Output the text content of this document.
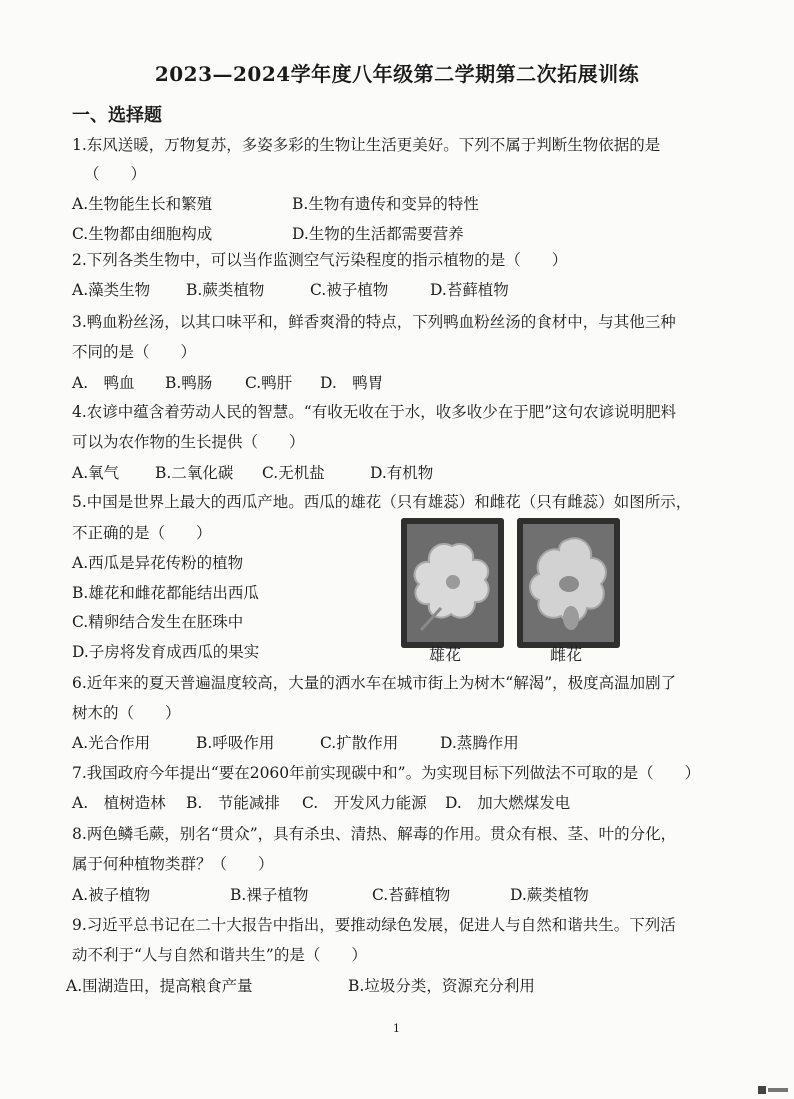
2023—2024学年度八年级第二学期第二次拓展训练
一、选择题
1.东风送暖，万物复苏，多姿多彩的生物让生活更美好。下列不属于判断生物依据的是
（　　）
A.生物能生长和繁殖	B.生物有遗传和变异的特性
C.生物都由细胞构成	D.生物的生活都需要营养
2.下列各类生物中，可以当作监测空气污染程度的指示植物的是（　　）
A.藻类生物 B.蕨类植物	C.被子植物	D.苔藓植物
3.鸭血粉丝汤，以其口味平和，鲜香爽滑的特点，下列鸭血粉丝汤的食材中，与其他三种
不同的是（　　）
A.　鸭血 B.鸭肠 C.鸭肝 D.　鸭胃
4.农谚中蕴含着劳动人民的智慧。“有收无收在于水，收多收少在于肥”这句农谚说明肥料
可以为农作物的生长提供（　　）
A.氧气 B.二氧化碳 C.无机盐	D.有机物
5.中国是世界上最大的西瓜产地。西瓜的雄花（只有雄蕊）和雌花（只有雌蕊）如图所示，
不正确的是（　　）
A.西瓜是异花传粉的植物
B.雄花和雌花都能结出西瓜
C.精卵结合发生在胚珠中
D.子房将发育成西瓜的果实	雄花	雌花
6.近年来的夏天普遍温度较高，大量的洒水车在城市街上为树木“解渴”，极度高温加剧了
树木的（　　）
A.光合作用	B.呼吸作用	C.扩散作用	D.蒸腾作用
7.我国政府今年提出“要在2060年前实现碳中和”。为实现目标下列做法不可取的是（　　）
A.　植树造林 B.　节能减排 C.　开发风力能源 D.　加大燃煤发电
8.两色鳞毛蕨，别名“贯众”，具有杀虫、清热、解毒的作用。贯众有根、茎、叶的分化，
属于何种植物类群？（　　）
A.被子植物	B.裸子植物	C.苔藓植物	D.蕨类植物
9.习近平总书记在二十大报告中指出，要推动绿色发展，促进人与自然和谐共生。下列活
动不利于“人与自然和谐共生”的是（　　）
A.围湖造田，提高粮食产量	B.垃圾分类，资源充分利用
1
